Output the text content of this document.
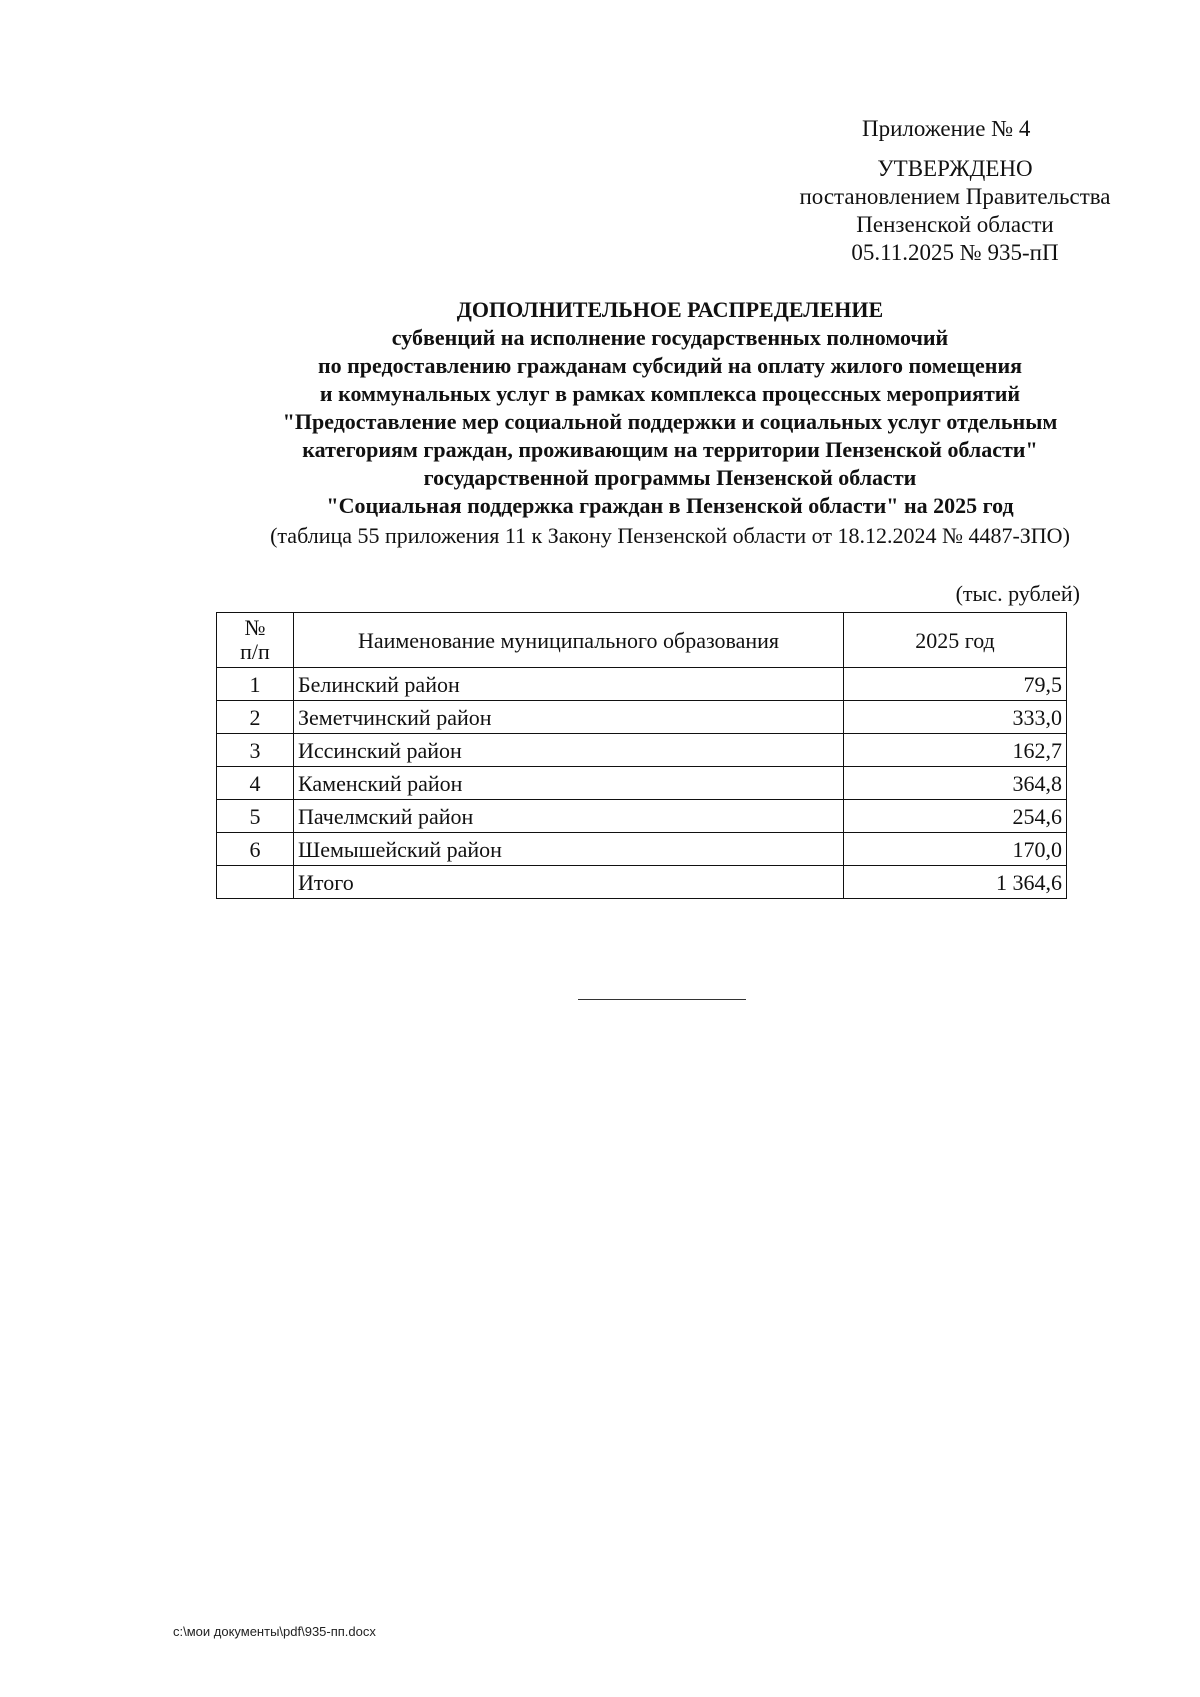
Приложение № 4
УТВЕРЖДЕНО
постановлением Правительства
Пензенской области
05.11.2025 № 935-пП
ДОПОЛНИТЕЛЬНОЕ РАСПРЕДЕЛЕНИЕ
субвенций на исполнение государственных полномочий
по предоставлению гражданам субсидий на оплату жилого помещения
и коммунальных услуг в рамках комплекса процессных мероприятий
"Предоставление мер социальной поддержки и социальных услуг отдельным
категориям граждан, проживающим на территории Пензенской области"
государственной программы Пензенской области
"Социальная поддержка граждан в Пензенской области" на 2025 год
(таблица 55 приложения 11 к Закону Пензенской области от 18.12.2024 № 4487-ЗПО)
(тыс. рублей)
№
п/п	Наименование муниципального образования	2025 год
1	Белинский район	79,5
2	Земетчинский район	333,0
3	Иссинский район	162,7
4	Каменский район	364,8
5	Пачелмский район	254,6
6	Шемышейский район	170,0
	Итого	1 364,6
c:\мои документы\pdf\935-пп.docx
